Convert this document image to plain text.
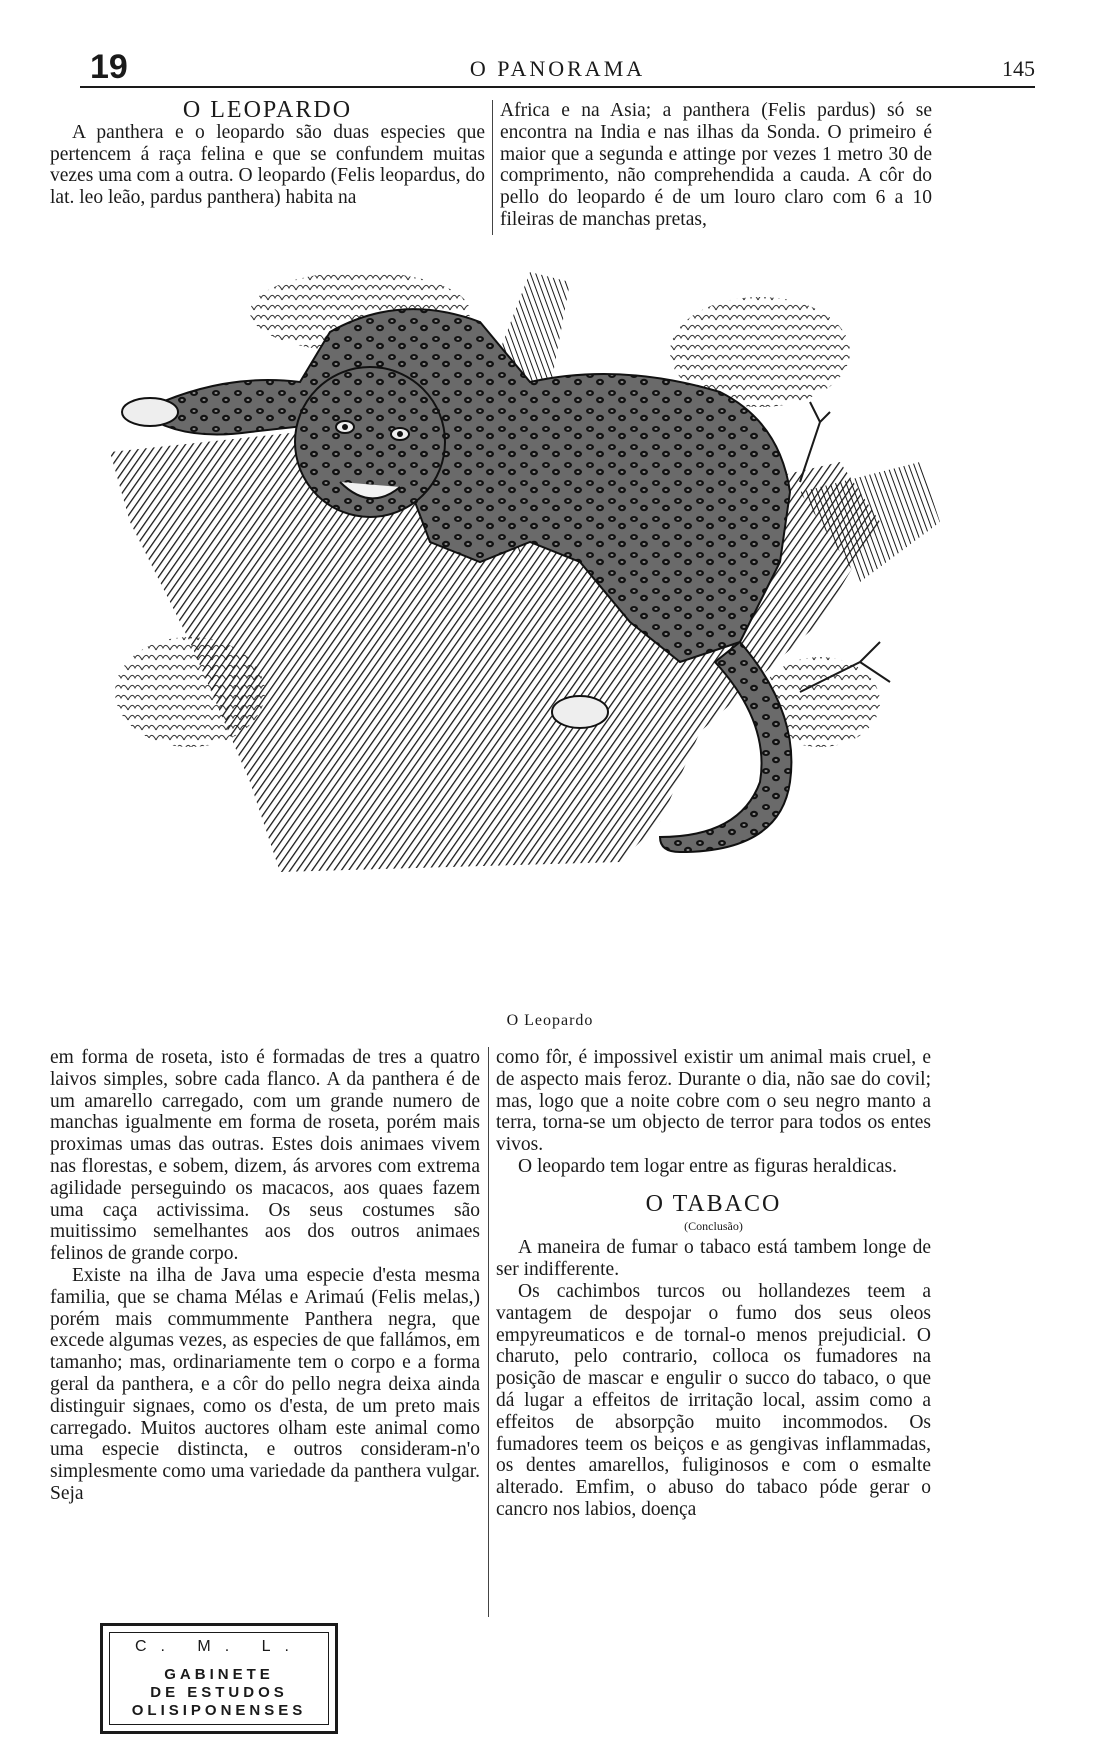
19	O PANORAMA	145

O LEOPARDO

A panthera e o leopardo são duas especies que pertencem á raça felina e que se confundem muitas vezes uma com a outra. O leopardo (Felis leopardus, do lat. leo leão, pardus panthera) habita na

Africa e na Asia; a panthera (Felis pardus) só se encontra na India e nas ilhas da Sonda. O primeiro é maior que a segunda e attinge por vezes 1 metro 30 de comprimento, não comprehendida a cauda. A côr do pello do leopardo é de um louro claro com 6 a 10 fileiras de manchas pretas,

O Leopardo

em forma de roseta, isto é formadas de tres a quatro laivos simples, sobre cada flanco. A da panthera é de um amarello carregado, com um grande numero de manchas igualmente em forma de roseta, porém mais proximas umas das outras. Estes dois animaes vivem nas florestas, e sobem, dizem, ás arvores com extrema agilidade perseguindo os macacos, aos quaes fazem uma caça activissima. Os seus costumes são muitissimo semelhantes aos dos outros animaes felinos de grande corpo.

Existe na ilha de Java uma especie d'esta mesma familia, que se chama Mélas e Arimaú (Felis melas,) porém mais commummente Panthera negra, que excede algumas vezes, as especies de que fallámos, em tamanho; mas, ordinariamente tem o corpo e a forma geral da panthera, e a côr do pello negra deixa ainda distinguir signaes, como os d'esta, de um preto mais carregado. Muitos auctores olham este animal como uma especie distincta, e outros consideram-n'o simplesmente como uma variedade da panthera vulgar. Seja

como fôr, é impossivel existir um animal mais cruel, e de aspecto mais feroz. Durante o dia, não sae do covil; mas, logo que a noite cobre com o seu negro manto a terra, torna-se um objecto de terror para todos os entes vivos.

O leopardo tem logar entre as figuras heraldicas.

O TABACO

(Conclusão)

A maneira de fumar o tabaco está tambem longe de ser indifferente.

Os cachimbos turcos ou hollandezes teem a vantagem de despojar o fumo dos seus oleos empyreumaticos e de tornal-o menos prejudicial. O charuto, pelo contrario, colloca os fumadores na posição de mascar e engulir o succo do tabaco, o que dá lugar a effeitos de irritação local, assim como a effeitos de absorpção muito incommodos. Os fumadores teem os beiços e as gengivas inflammadas, os dentes amarellos, fuliginosos e com o esmalte alterado. Emfim, o abuso do tabaco póde gerar o cancro nos labios, doença

C. M. L.
GABINETE
DE ESTUDOS
OLISIPONENSES
